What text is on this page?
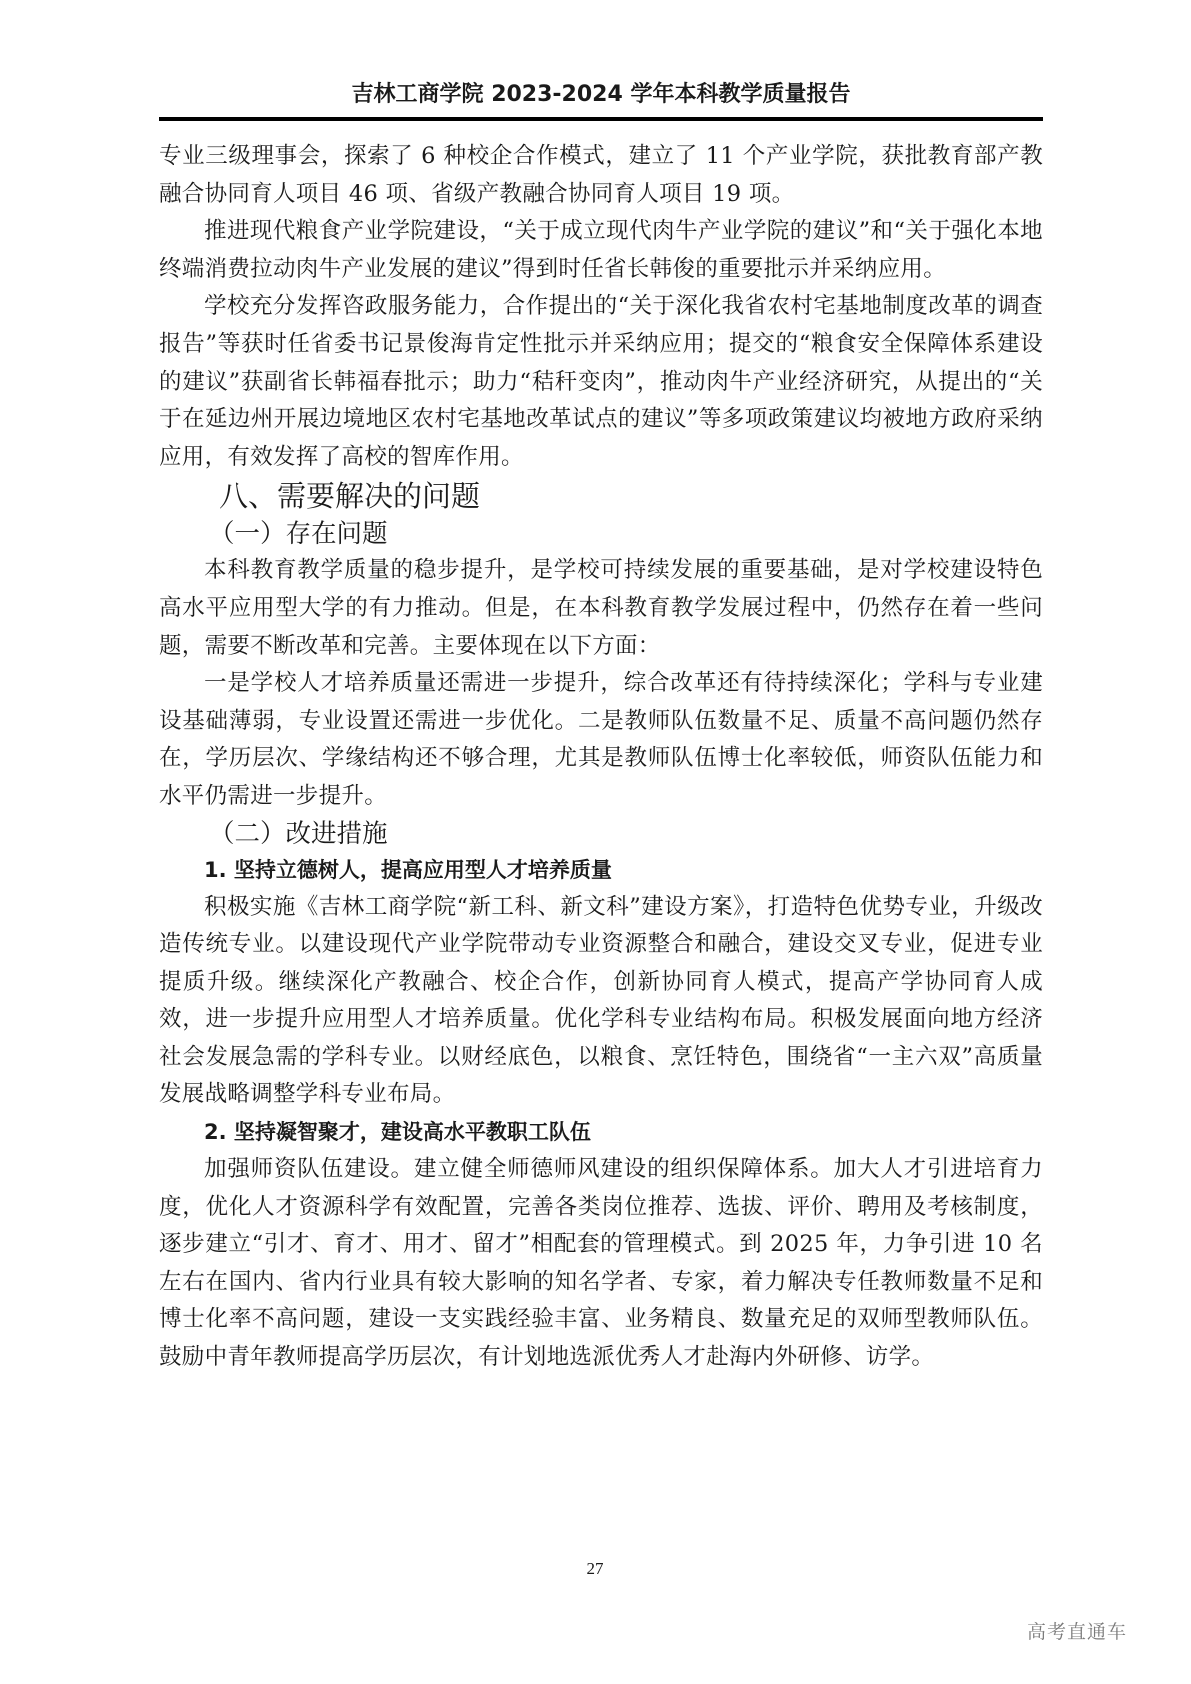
吉林工商学院 2023-2024 学年本科教学质量报告

专业三级理事会，探索了 6 种校企合作模式，建立了 11 个产业学院，获批教育部产教融合协同育人项目 46 项、省级产教融合协同育人项目 19 项。

推进现代粮食产业学院建设，“关于成立现代肉牛产业学院的建议”和“关于强化本地终端消费拉动肉牛产业发展的建议”得到时任省长韩俊的重要批示并采纳应用。

学校充分发挥咨政服务能力，合作提出的“关于深化我省农村宅基地制度改革的调查报告”等获时任省委书记景俊海肯定性批示并采纳应用；提交的“粮食安全保障体系建设的建议”获副省长韩福春批示；助力“秸秆变肉”，推动肉牛产业经济研究，从提出的“关于在延边州开展边境地区农村宅基地改革试点的建议”等多项政策建议均被地方政府采纳应用，有效发挥了高校的智库作用。

八、需要解决的问题
（一）存在问题

本科教育教学质量的稳步提升，是学校可持续发展的重要基础，是对学校建设特色高水平应用型大学的有力推动。但是，在本科教育教学发展过程中，仍然存在着一些问题，需要不断改革和完善。主要体现在以下方面：

一是学校人才培养质量还需进一步提升，综合改革还有待持续深化；学科与专业建设基础薄弱，专业设置还需进一步优化。二是教师队伍数量不足、质量不高问题仍然存在，学历层次、学缘结构还不够合理，尤其是教师队伍博士化率较低，师资队伍能力和水平仍需进一步提升。

（二）改进措施
1. 坚持立德树人，提高应用型人才培养质量

积极实施《吉林工商学院“新工科、新文科”建设方案》，打造特色优势专业，升级改造传统专业。以建设现代产业学院带动专业资源整合和融合，建设交叉专业，促进专业提质升级。继续深化产教融合、校企合作，创新协同育人模式，提高产学协同育人成效，进一步提升应用型人才培养质量。优化学科专业结构布局。积极发展面向地方经济社会发展急需的学科专业。以财经底色，以粮食、烹饪特色，围绕省“一主六双”高质量发展战略调整学科专业布局。

2. 坚持凝智聚才，建设高水平教职工队伍

加强师资队伍建设。建立健全师德师风建设的组织保障体系。加大人才引进培育力度，优化人才资源科学有效配置，完善各类岗位推荐、选拔、评价、聘用及考核制度，逐步建立“引才、育才、用才、留才”相配套的管理模式。到 2025 年，力争引进 10 名左右在国内、省内行业具有较大影响的知名学者、专家，着力解决专任教师数量不足和博士化率不高问题，建设一支实践经验丰富、业务精良、数量充足的双师型教师队伍。鼓励中青年教师提高学历层次，有计划地选派优秀人才赴海内外研修、访学。

27
高考直通车
